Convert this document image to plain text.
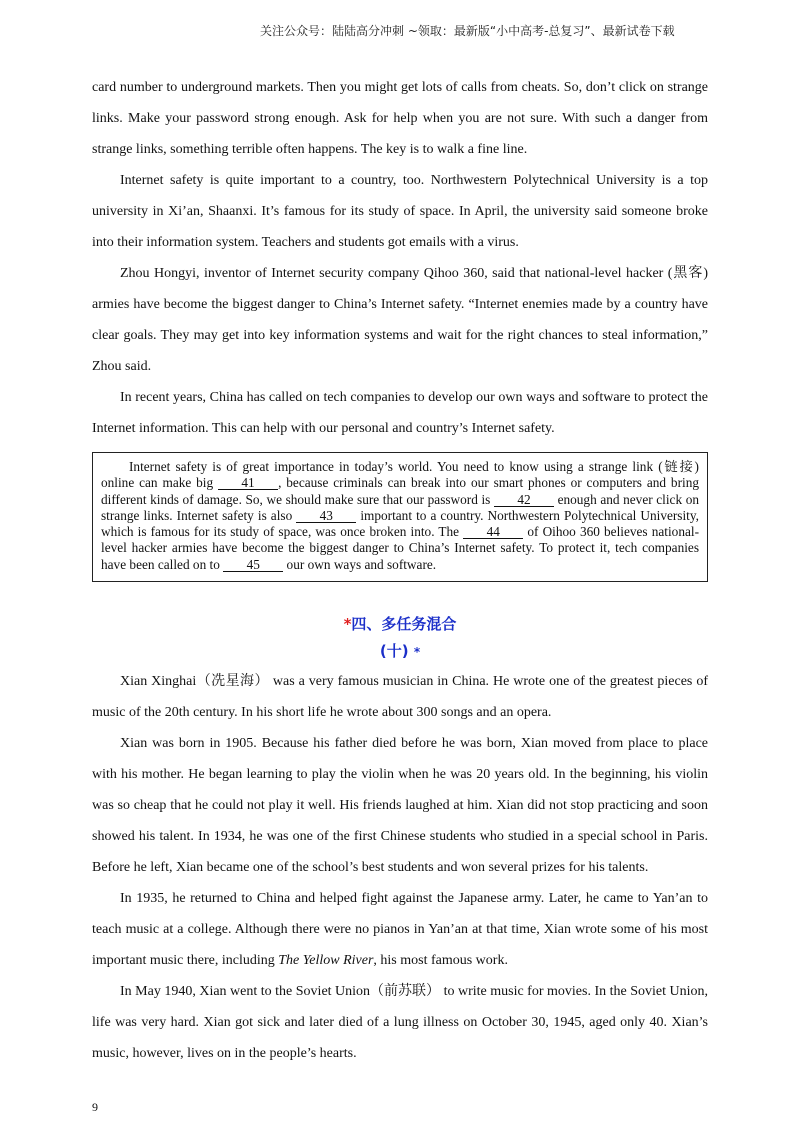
关注公众号：陆陆高分冲刺 ~领取：最新版“小中高考-总复习”、最新试卷下载

card number to underground markets. Then you might get lots of calls from cheats. So, don’t click on strange links. Make your password strong enough. Ask for help when you are not sure. With such a danger from strange links, something terrible often happens. The key is to walk a fine line.

Internet safety is quite important to a country, too. Northwestern Polytechnical University is a top university in Xi’an, Shaanxi. It’s famous for its study of space. In April, the university said someone broke into their information system. Teachers and students got emails with a virus.

Zhou Hongyi, inventor of Internet security company Qihoo 360, said that national-level hacker (黑客) armies have become the biggest danger to China’s Internet safety. “Internet enemies made by a country have clear goals. They may get into key information systems and wait for the right chances to steal information,” Zhou said.

In recent years, China has called on tech companies to develop our own ways and software to protect the Internet information. This can help with our personal and country’s Internet safety.

Internet safety is of great importance in today’s world. You need to know using a strange link (链接) online can make big 41 , because criminals can break into our smart phones or computers and bring different kinds of damage. So, we should make sure that our password is 42 enough and never click on strange links. Internet safety is also 43 important to a country. Northwestern Polytechnical University, which is famous for its study of space, was once broken into. The 44 of Oihoo 360 believes national-level hacker armies have become the biggest danger to China’s Internet safety. To protect it, tech companies have been called on to 45 our own ways and software.

*四、多任务混合
(十) *

Xian Xinghai（冼星海） was a very famous musician in China. He wrote one of the greatest pieces of music of the 20th century. In his short life he wrote about 300 songs and an opera.

Xian was born in 1905. Because his father died before he was born, Xian moved from place to place with his mother. He began learning to play the violin when he was 20 years old. In the beginning, his violin was so cheap that he could not play it well. His friends laughed at him. Xian did not stop practicing and soon showed his talent. In 1934, he was one of the first Chinese students who studied in a special school in Paris. Before he left, Xian became one of the school’s best students and won several prizes for his talents.

In 1935, he returned to China and helped fight against the Japanese army. Later, he came to Yan’an to teach music at a college. Although there were no pianos in Yan’an at that time, Xian wrote some of his most important music there, including The Yellow River, his most famous work.

In May 1940, Xian went to the Soviet Union（前苏联） to write music for movies. In the Soviet Union, life was very hard. Xian got sick and later died of a lung illness on October 30, 1945, aged only 40. Xian’s music, however, lives on in the people’s hearts.

9
